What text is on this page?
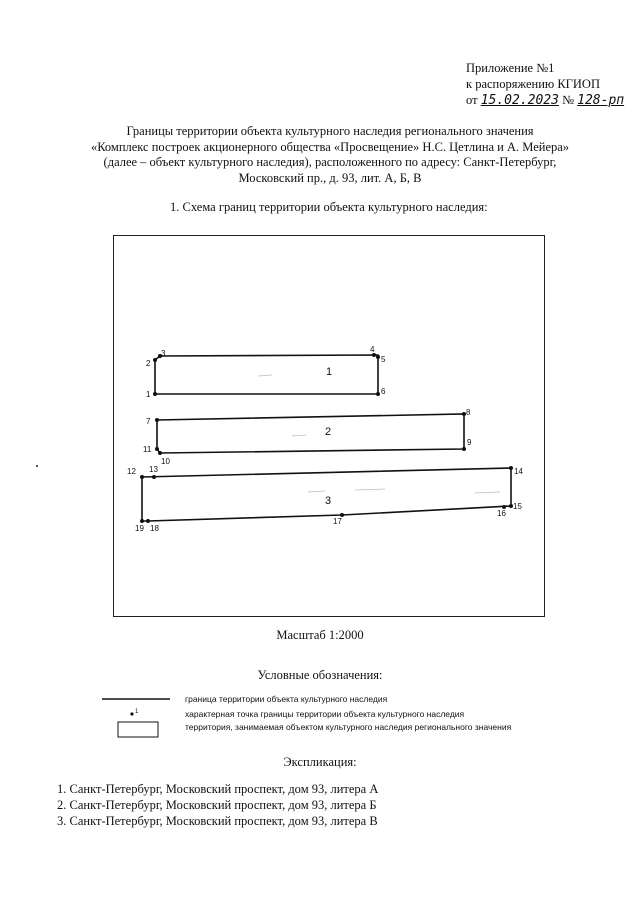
Приложение №1
к распоряжению КГИОП
от 15.02.2023 № 128-рп
Границы территории объекта культурного наследия регионального значения
«Комплекс построек акционерного общества «Просвещение» Н.С. Цетлина и А. Мейера»
(далее – объект культурного наследия), расположенного по адресу: Санкт-Петербург,
Московский пр., д. 93, лит. А, Б, В
1. Схема границ территории объекта культурного наследия:
1
2
3	4
5
6
7
8
9
10
11
12 13	14
15
16
17
18
19
1
2
3
1
Масштаб 1:2000
Условные обозначения:
граница территории объекта культурного наследия
характерная точка границы территории объекта культурного наследия
территория, занимаемая объектом культурного наследия регионального значения
Экспликация:
1. Санкт-Петербург, Московский проспект, дом 93, литера А
2. Санкт-Петербург, Московский проспект, дом 93, литера Б
3. Санкт-Петербург, Московский проспект, дом 93, литера В
